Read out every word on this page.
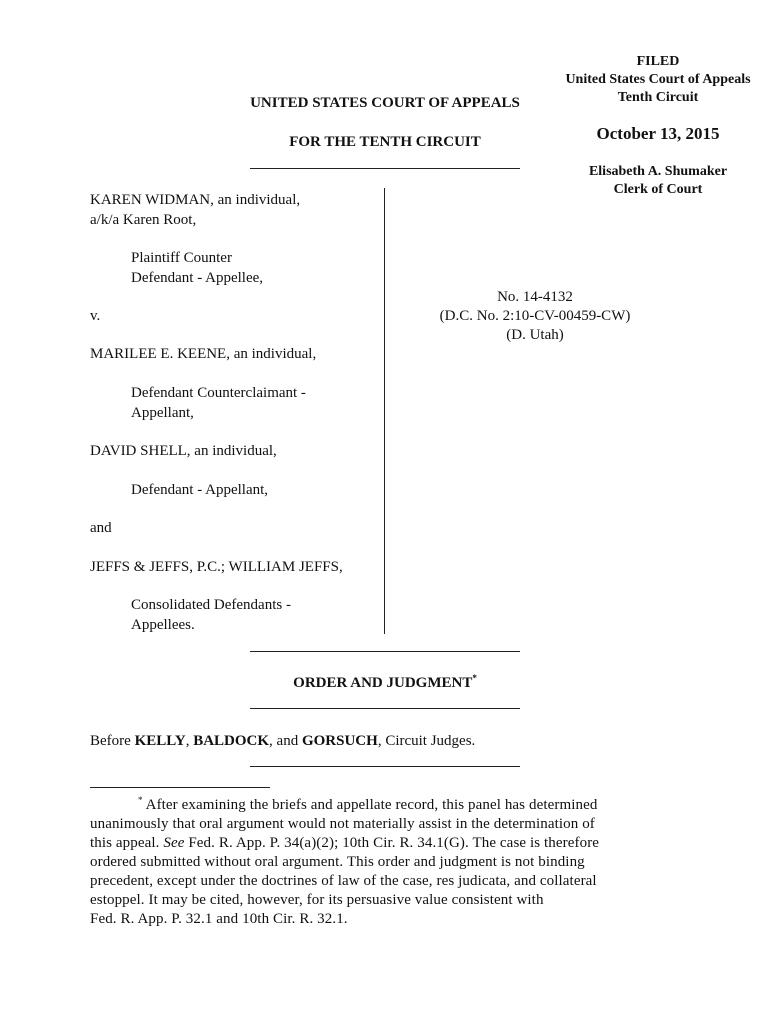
FILED
United States Court of Appeals
Tenth Circuit
October 13, 2015
Elisabeth A. Shumaker
Clerk of Court
UNITED STATES COURT OF APPEALS
FOR THE TENTH CIRCUIT
KAREN WIDMAN, an individual,
a/k/a Karen Root,
Plaintiff Counter
Defendant - Appellee,
v.
MARILEE E. KEENE, an individual,
Defendant Counterclaimant -
Appellant,
DAVID SHELL, an individual,
Defendant - Appellant,
and
JEFFS & JEFFS, P.C.; WILLIAM JEFFS,
Consolidated Defendants -
Appellees.
No. 14-4132
(D.C. No. 2:10-CV-00459-CW)
(D. Utah)
ORDER AND JUDGMENT*
Before KELLY, BALDOCK, and GORSUCH, Circuit Judges.

* After examining the briefs and appellate record, this panel has determined

unanimously that oral argument would not materially assist in the determination of

this appeal. See Fed. R. App. P. 34(a)(2); 10th Cir. R. 34.1(G). The case is therefore

ordered submitted without oral argument. This order and judgment is not binding

precedent, except under the doctrines of law of the case, res judicata, and collateral

estoppel. It may be cited, however, for its persuasive value consistent with

Fed. R. App. P. 32.1 and 10th Cir. R. 32.1.
